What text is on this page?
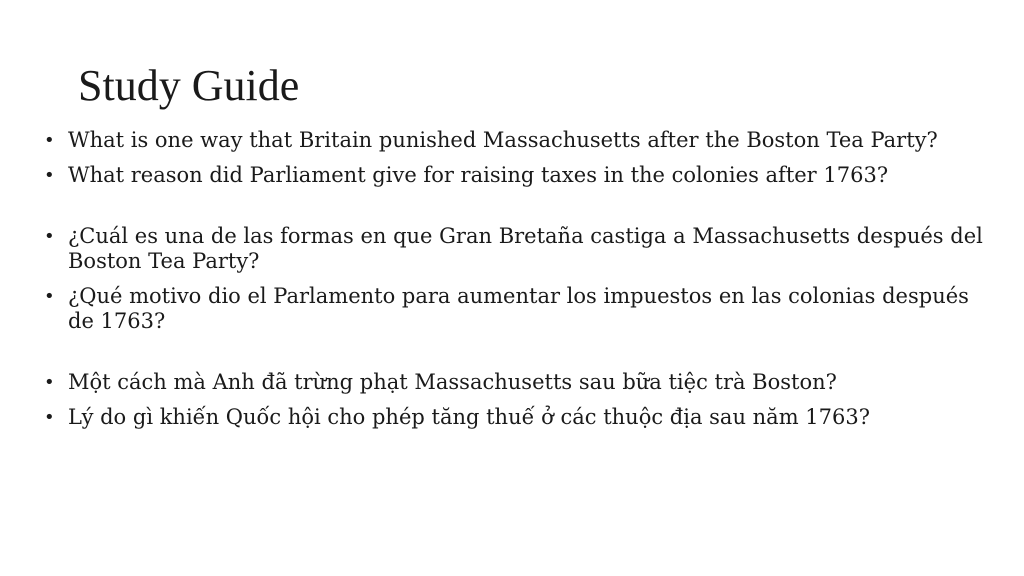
Study Guide
• What is one way that Britain punished Massachusetts after the Boston Tea Party?
• What reason did Parliament give for raising taxes in the colonies after 1763?
• ¿Cuál es una de las formas en que Gran Bretaña castiga a Massachusetts después del Boston Tea Party?
• ¿Qué motivo dio el Parlamento para aumentar los impuestos en las colonias después de 1763?
• Một cách mà Anh đã trừng phạt Massachusetts sau bữa tiệc trà Boston?
• Lý do gì khiến Quốc hội cho phép tăng thuế ở các thuộc địa sau năm 1763?
